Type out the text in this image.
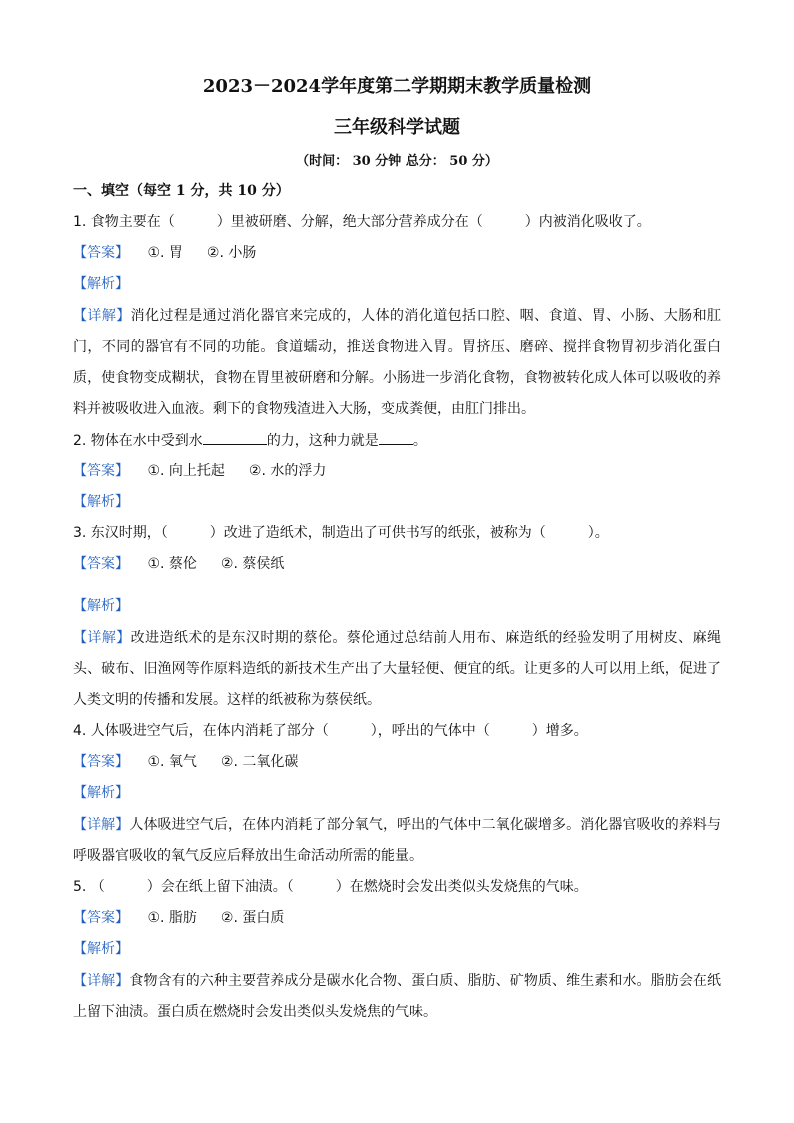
2023－2024学年度第二学期期末教学质量检测
三年级科学试题
（时间： 30 分钟 总分： 50 分）
一、填空（每空 1 分，共 10 分）
1. 食物主要在（　　　）里被研磨、分解，绝大部分营养成分在（　　　）内被消化吸收了。
【答案】 ①. 胃 ②. 小肠
【解析】
【详解】消化过程是通过消化器官来完成的，人体的消化道包括口腔、咽、食道、胃、小肠、大肠和肛门，不同的器官有不同的功能。食道蠕动，推送食物进入胃。胃挤压、磨碎、搅拌食物胃初步消化蛋白质，使食物变成糊状，食物在胃里被研磨和分解。小肠进一步消化食物，食物被转化成人体可以吸收的养料并被吸收进入血液。剩下的食物残渣进入大肠，变成粪便，由肛门排出。
2. 物体在水中受到水	的力，这种力就是 。
【答案】 ①. 向上托起 ②. 水的浮力
【解析】
3. 东汉时期，（　　　）改进了造纸术，制造出了可供书写的纸张，被称为（　　　）。
【答案】 ①. 蔡伦 ②. 蔡侯纸
【解析】
【详解】改进造纸术的是东汉时期的蔡伦。蔡伦通过总结前人用布、麻造纸的经验发明了用树皮、麻绳头、破布、旧渔网等作原料造纸的新技术生产出了大量轻便、便宜的纸。让更多的人可以用上纸，促进了人类文明的传播和发展。这样的纸被称为蔡侯纸。
4. 人体吸进空气后，在体内消耗了部分（　　　），呼出的气体中（　　　）增多。
【答案】 ①. 氧气 ②. 二氧化碳
【解析】
【详解】人体吸进空气后，在体内消耗了部分氧气，呼出的气体中二氧化碳增多。消化器官吸收的养料与呼吸器官吸收的氧气反应后释放出生命活动所需的能量。
5. （　　　）会在纸上留下油渍。（　　　）在燃烧时会发出类似头发烧焦的气味。
【答案】 ①. 脂肪 ②. 蛋白质
【解析】
【详解】食物含有的六种主要营养成分是碳水化合物、蛋白质、脂肪、矿物质、维生素和水。脂肪会在纸上留下油渍。蛋白质在燃烧时会发出类似头发烧焦的气味。
